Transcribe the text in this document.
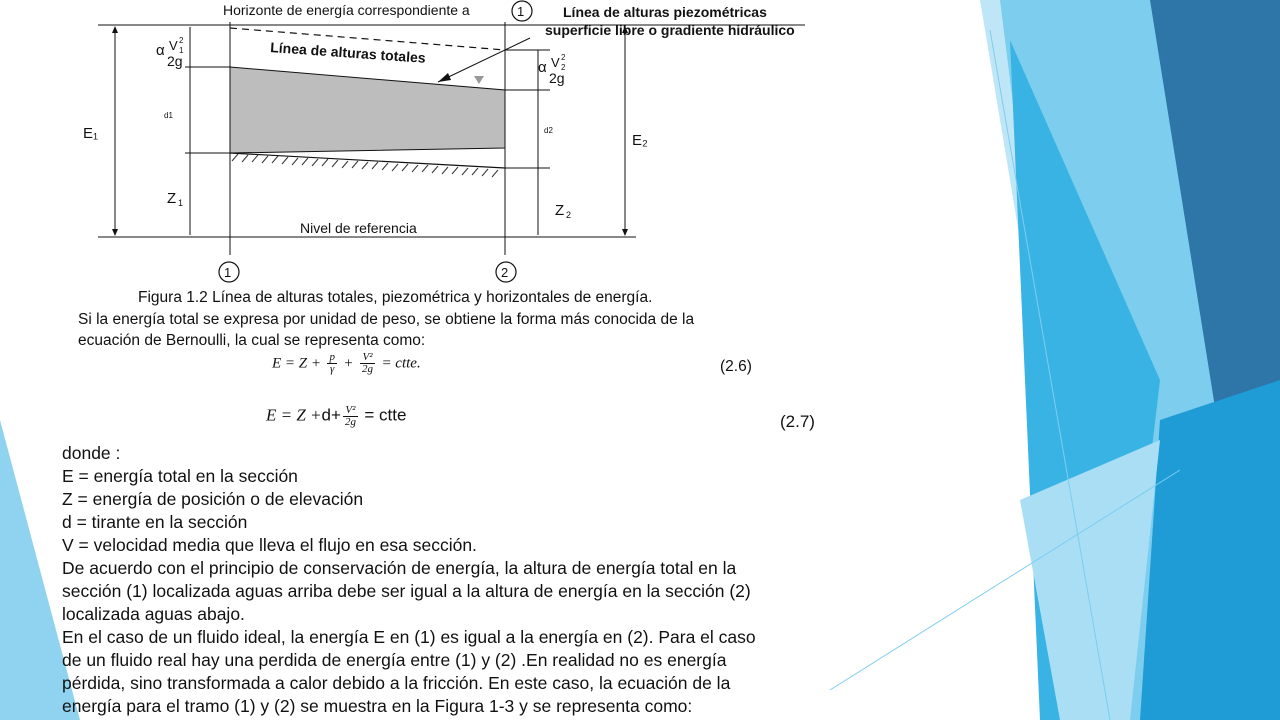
Horizonte de energía correspondiente a	1
1	2
Línea de alturas piezométricas
superficie libre o gradiente hidráulico
Línea de alturas totales
α V 2
1
2g	α V 2
2
2g
E₁	E₂
d1
d2
Z 1	Z 2
Nivel de referencia
Figura 1.2 Línea de alturas totales, piezométrica y horizontales de energía.
Si la energía total se expresa por unidad de peso, se obtiene la forma más conocida de la
ecuación de Bernoulli, la cual se representa como:
$E = Z + \frac{p}{\gamma} + \frac{\text{V²}}{2g}$ = ctte.	(2.6)
$E = Z +d+ \frac{\text{V²}}{2g}$ = ctte	(2.7)
donde :
E = energía total en la sección
Z = energía de posición o de elevación
d = tirante en la sección
V = velocidad media que lleva el flujo en esa sección.
De acuerdo con el principio de conservación de energía, la altura de energía total en la
sección (1) localizada aguas arriba debe ser igual a la altura de energía en la sección (2)
localizada aguas abajo.
En el caso de un fluido ideal, la energía E en (1) es igual a la energía en (2). Para el caso
de un fluido real hay una perdida de energía entre (1) y (2) .En realidad no es energía
pérdida, sino transformada a calor debido a la fricción. En este caso, la ecuación de la
energía para el tramo (1) y (2) se muestra en la Figura 1-3 y se representa como:
